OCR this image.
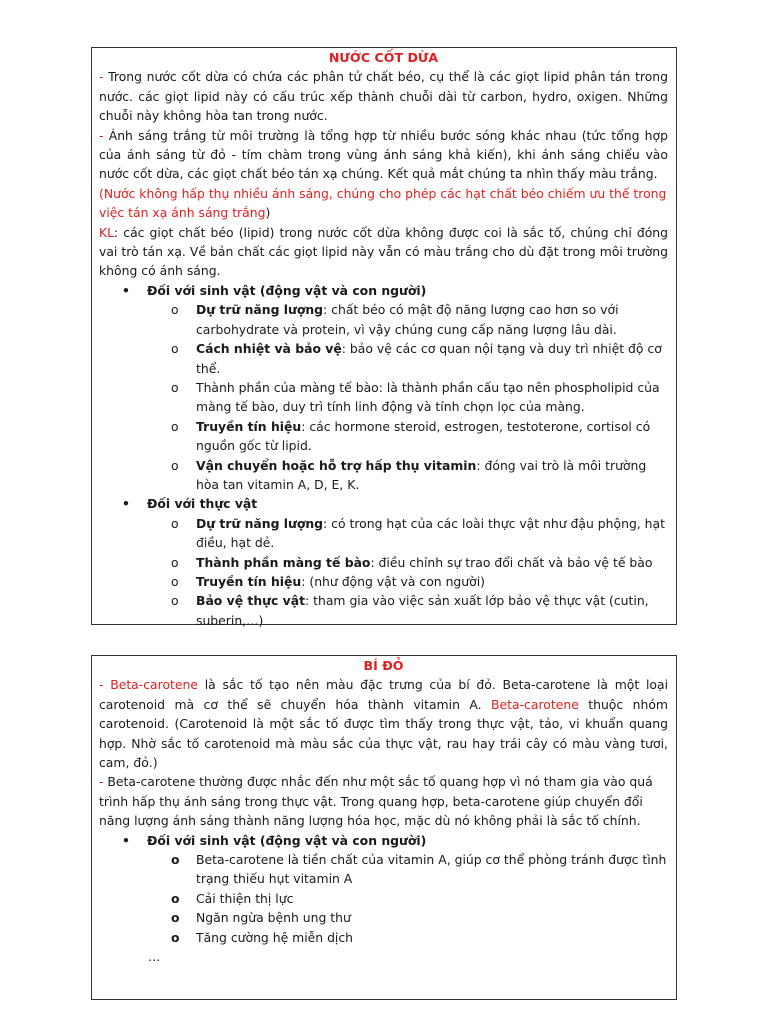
NƯỚC CỐT DỪA

- Trong nước cốt dừa có chứa các phân tử chất béo, cụ thể là các giọt lipid phân tán trong nước. các giọt lipid này có cấu trúc xếp thành chuỗi dài từ carbon, hydro, oxigen. Những chuỗi này không hòa tan trong nước.

- Ánh sáng trắng từ môi trường là tổng hợp từ nhiều bước sóng khác nhau (tức tổng hợp của ánh sáng từ đỏ - tím chàm trong vùng ánh sáng khả kiến), khi ánh sáng chiếu vào nước cốt dừa, các giọt chất béo tán xạ chúng. Kết quả mắt chúng ta nhìn thấy màu trắng.

(Nước không hấp thụ nhiều ánh sáng, chúng cho phép các hạt chất béo chiếm ưu thế trong việc tán xạ ánh sáng trắng)

KL: các giọt chất béo (lipid) trong nước cốt dừa không được coi là sắc tố, chúng chỉ đóng vai trò tán xạ. Về bản chất các giọt lipid này vẫn có màu trắng cho dù đặt trong môi trường không có ánh sáng.

• Đối với sinh vật (động vật và con người)
o Dự trữ năng lượng: chất béo có mật độ năng lượng cao hơn so với carbohydrate và protein, vì vậy chúng cung cấp năng lượng lâu dài.
o Cách nhiệt và bảo vệ: bảo vệ các cơ quan nội tạng và duy trì nhiệt độ cơ thể.
o Thành phần của màng tế bào: là thành phần cấu tạo nên phospholipid của màng tế bào, duy trì tính linh động và tính chọn lọc của màng.
o Truyền tín hiệu: các hormone steroid, estrogen, testoterone, cortisol có nguồn gốc từ lipid.
o Vận chuyển hoặc hỗ trợ hấp thụ vitamin: đóng vai trò là môi trường hòa tan vitamin A, D, E, K.
• Đối với thực vật
o Dự trữ năng lượng: có trong hạt của các loài thực vật như đậu phộng, hạt điều, hạt dẻ.
o Thành phần màng tế bào: điều chỉnh sự trao đổi chất và bảo vệ tế bào
o Truyền tín hiệu: (như động vật và con người)
o Bảo vệ thực vật: tham gia vào việc sản xuất lớp bảo vệ thực vật (cutin, suberin,…)

BÍ ĐỎ

- Beta-carotene là sắc tố tạo nên màu đặc trưng của bí đỏ. Beta-carotene là một loại carotenoid mà cơ thể sẽ chuyển hóa thành vitamin A. Beta-carotene thuộc nhóm carotenoid. (Carotenoid là một sắc tố được tìm thấy trong thực vật, tảo, vi khuẩn quang hợp. Nhờ sắc tố carotenoid mà màu sắc của thực vật, rau hay trái cây có màu vàng tươi, cam, đỏ.)

- Beta-carotene thường được nhắc đến như một sắc tố quang hợp vì nó tham gia vào quá trình hấp thụ ánh sáng trong thực vật. Trong quang hợp, beta-carotene giúp chuyển đổi năng lượng ánh sáng thành năng lượng hóa học, mặc dù nó không phải là sắc tố chính.

• Đối với sinh vật (động vật và con người)
o Beta-carotene là tiền chất của vitamin A, giúp cơ thể phòng tránh được tình trạng thiếu hụt vitamin A
o Cải thiện thị lực
o Ngăn ngừa bệnh ung thư
o Tăng cường hệ miễn dịch
…
